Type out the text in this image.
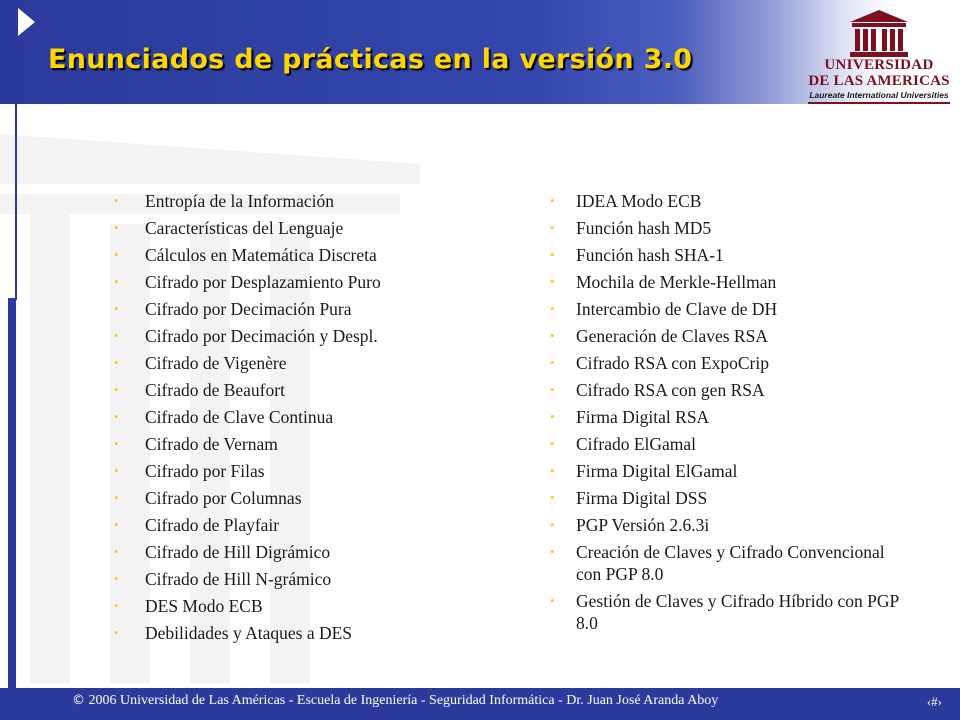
Enunciados de prácticas en la versión 3.0	UNIVERSIDAD
DE LAS AMERICAS
Laureate International Universities
• Entropía de la Información
• Características del Lenguaje
• Cálculos en Matemática Discreta
• Cifrado por Desplazamiento Puro
• Cifrado por Decimación Pura
• Cifrado por Decimación y Despl.
• Cifrado de Vigenère
• Cifrado de Beaufort
• Cifrado de Clave Continua
• Cifrado de Vernam
• Cifrado por Filas
• Cifrado por Columnas
• Cifrado de Playfair
• Cifrado de Hill Digrámico
• Cifrado de Hill N-grámico
• DES Modo ECB
• Debilidades y Ataques a DES
• IDEA Modo ECB
• Función hash MD5
• Función hash SHA-1
• Mochila de Merkle-Hellman
• Intercambio de Clave de DH
• Generación de Claves RSA
• Cifrado RSA con ExpoCrip
• Cifrado RSA con gen RSA
• Firma Digital RSA
• Cifrado ElGamal
• Firma Digital ElGamal
• Firma Digital DSS
• PGP Versión 2.6.3i
• Creación de Claves y Cifrado Convencional con PGP 8.0
• Gestión de Claves y Cifrado Híbrido con PGP 8.0
© 2006 Universidad de Las Américas - Escuela de Ingeniería - Seguridad Informática - Dr. Juan José Aranda Aboy	‹#›
